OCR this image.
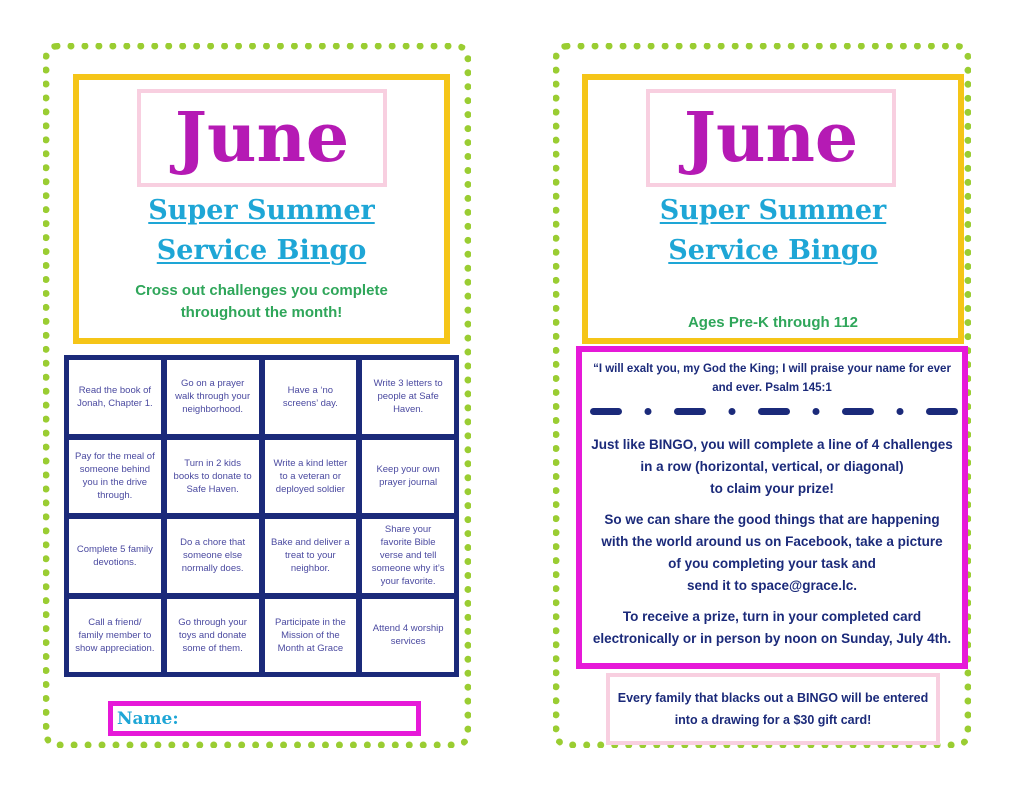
June
Super Summer
Service Bingo
Cross out challenges you complete
throughout the month!
Read the book of Jonah, Chapter 1.
Go on a prayer walk through your neighborhood.
Have a ‘no screens’ day.
Write 3 letters to people at Safe Haven.
Pay for the meal of someone behind you in the drive through.
Turn in 2 kids books to donate to Safe Haven.
Write a kind letter to a veteran or deployed soldier
Keep your own prayer journal
Complete 5 family devotions.
Do a chore that someone else normally does.
Bake and deliver a treat to your neighbor.
Share your favorite Bible verse and tell someone why it’s your favorite.
Call a friend/ family member to show appreciation.
Go through your toys and donate some of them.
Participate in the Mission of the Month at Grace
Attend 4 worship services
Name:
June
Super Summer
Service Bingo
Ages Pre-K through 112
“I will exalt you, my God the King; I will praise your name for ever
and ever. Psalm 145:1
Just like BINGO, you will complete a line of 4 challenges
in a row (horizontal, vertical, or diagonal)
to claim your prize!
So we can share the good things that are happening
with the world around us on Facebook, take a picture
of you completing your task and
send it to space@grace.lc.
To receive a prize, turn in your completed card
electronically or in person by noon on Sunday, July 4th.
Every family that blacks out a BINGO will be entered
into a drawing for a $30 gift card!
